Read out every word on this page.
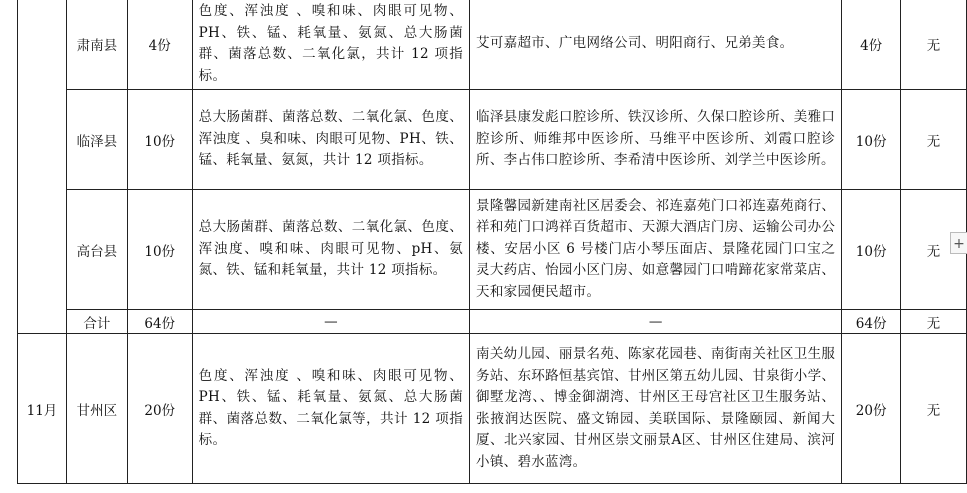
	肃南县	4份	色度、浑浊度 、嗅和味、肉眼可见物、PH、铁、锰、耗氧量、氨氮、总大肠菌群、菌落总数、二氧化氯，共计 12 项指标。	艾可嘉超市、广电网络公司、明阳商行、兄弟美食。	4份	无
	临泽县	10份	总大肠菌群、菌落总数、二氧化氯、色度、浑浊度 、臭和味、肉眼可见物、PH、铁、锰、耗氧量、氨氮，共计 12 项指标。	临泽县康发彪口腔诊所、铁汉诊所、久保口腔诊所、美雅口腔诊所、师维邦中医诊所、马维平中医诊所、刘霞口腔诊所、李占伟口腔诊所、李希清中医诊所、刘学兰中医诊所。	10份	无
	高台县	10份	总大肠菌群、菌落总数、二氧化氯、色度、浑浊度、嗅和味、肉眼可见物、pH、氨氮、铁、锰和耗氧量，共计 12 项指标。	景隆馨园新建南社区居委会、祁连嘉苑门口祁连嘉苑商行、祥和苑门口鸿祥百货超市、天源大酒店门房、运输公司办公楼、安居小区 6 号楼门店小琴压面店、景隆花园门口宝之灵大药店、怡园小区门房、如意馨园门口啃蹄花家常菜店、天和家园便民超市。	10份	无
	合计	64份	—	—	64份	无
11月	甘州区	20份	色度、浑浊度 、嗅和味、肉眼可见物、PH、铁、锰、耗氧量、氨氮、总大肠菌群、菌落总数、二氧化氯等，共计 12 项指标。	南关幼儿园、丽景名苑、陈家花园巷、南街南关社区卫生服务站、东环路恒基宾馆、甘州区第五幼儿园、甘泉街小学、御墅龙湾、、博金御湖湾、甘州区王母宫社区卫生服务站、张掖润达医院、盛文锦园、美联国际、景隆颐园、新闻大厦、北兴家园、甘州区崇文丽景A区、甘州区住建局、滨河小镇、碧水蓝湾。	20份	无
+
